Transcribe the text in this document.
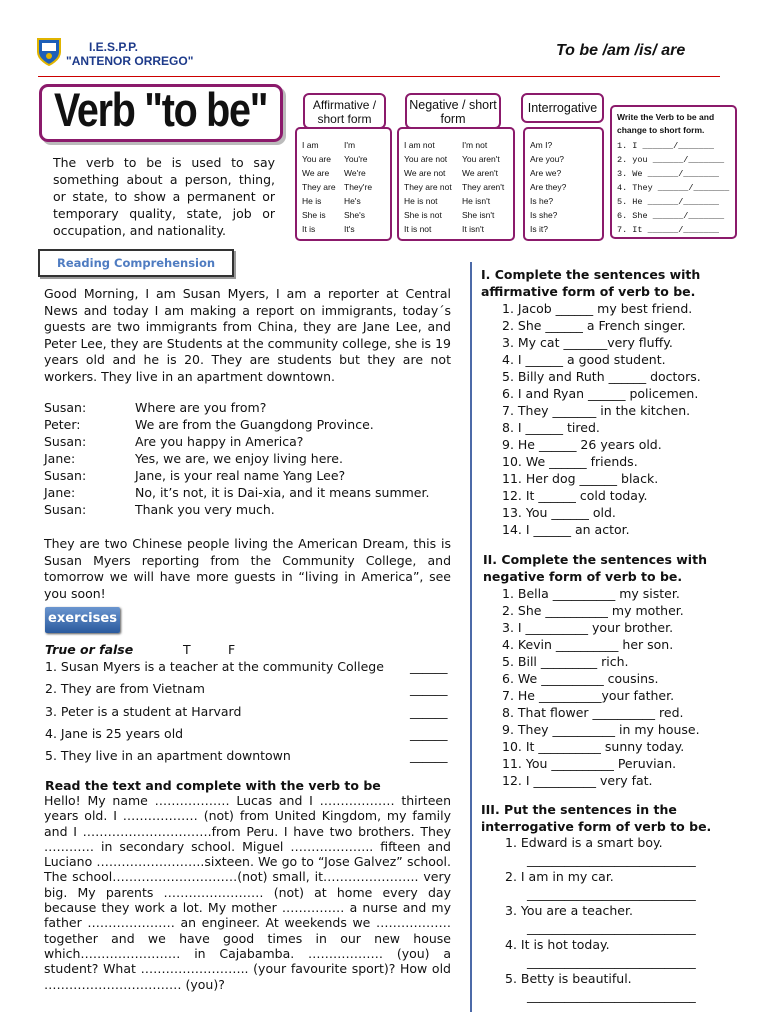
I.E.S.P.P.
"ANTENOR ORREGO"
To be /am /is/ are
Verb "to be"
The verb to be is used to say something about a person, thing, or state, to show a permanent or temporary quality, state, job or occupation, and nationality.
I am	I'm
You are You're
We are We're
They are They're
He is	He's
She is She's
It is	It's
Affirmative / short form
I am not	I'm not
You are not You aren't
We are not We aren't
They are not They aren't
He is not	He isn't
She is not She isn't
It is not	It isn't
Negative / short form
Am I?
Are you?
Are we?
Are they?
Is he?
Is she?
Is it?
Interrogative
Write the Verb to be and change to short form.
1. I ______/_______
2. you ______/_______
3. We ______/_______
4. They ______/_______
5. He ______/_______
6. She ______/_______
7. It ______/_______
Reading Comprehension
Good Morning, I am Susan Myers, I am a reporter at Central News and today I am making a report on immigrants, today´s guests are two immigrants from China, they are Jane Lee, and Peter Lee, they are Students at the community college, she is 19 years old and he is 20. They are students but they are not workers. They live in an apartment downtown.
Susan:	Where are you from?
Peter:	We are from the Guangdong Province.
Susan:	Are you happy in America?
Jane:	Yes, we are, we enjoy living here.
Susan:	Jane, is your real name Yang Lee?
Jane:	No, it’s not, it is Dai-xia, and it means summer.
Susan:	Thank you very much.
They are two Chinese people living the American Dream, this is Susan Myers reporting from the Community College, and tomorrow we will have more guests in “living in America”, see you soon!
exercises
True or false	T	F
1. Susan Myers is a teacher at the community College ______
2. They are from Vietnam	______
3. Peter is a student at Harvard	______
4. Jane is 25 years old	______
5. They live in an apartment downtown	______
Read the text and complete with the verb to be
Hello! My name ……………… Lucas and I ……………… thirteen years old. I ……………… (not) from United Kingdom, my family and I ………………………….from Peru. I have two brothers. They ………… in secondary school. Miguel ……………….. fifteen and Luciano ……………………..sixteen. We go to “Jose Galvez” school. The school…………………………(not) small, it………………….. very big. My parents …………………… (not) at home every day because they work a lot. My mother …………… a nurse and my father ………………… an engineer. At weekends we ……………… together and we have good times in our new house which…………………… in Cajabamba. ……………… (you) a student? What …………………….. (your favourite sport)? How old …………………………… (you)?
I. Complete the sentences with affirmative form of verb to be.
1. Jacob ______ my best friend.
2. She ______ a French singer.
3. My cat _______very fluffy.
4. I ______ a good student.
5. Billy and Ruth ______ doctors.
6. I and Ryan ______ policemen.
7. They _______ in the kitchen.
8. I ______ tired.
9. He ______ 26 years old.
10. We ______ friends.
11. Her dog ______ black.
12. It ______ cold today.
13. You ______ old.
14. I ______ an actor.
II. Complete the sentences with negative form of verb to be.
1. Bella __________ my sister.
2. She __________ my mother.
3. I __________ your brother.
4. Kevin __________ her son.
5. Bill _________ rich.
6. We __________ cousins.
7. He __________your father.
8. That flower __________ red.
9. They __________ in my house.
10. It __________ sunny today.
11. You __________ Peruvian.
12. I __________ very fat.
III. Put the sentences in the interrogative form of verb to be.
1. Edward is a smart boy.
___________________________
2. I am in my car.
___________________________
3. You are a teacher.
___________________________
4. It is hot today.
___________________________
5. Betty is beautiful.
___________________________
